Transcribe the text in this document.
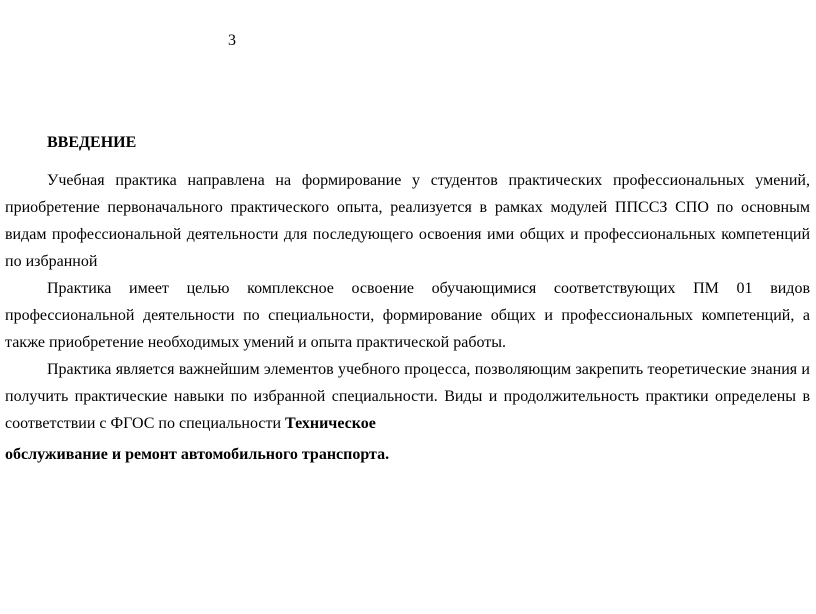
3
ВВЕДЕНИЕ

Учебная практика направлена на формирование у студентов практических профессиональных умений, приобретение первоначального практического опыта, реализуется в рамках модулей ППССЗ СПО по основным видам профессиональной деятельности для последующего освоения ими общих и профессиональных компетенций по избранной

Практика имеет целью комплексное освоение обучающимися соответствующих ПМ 01 видов профессиональной деятельности по специальности, формирование общих и профессиональных компетенций, а также приобретение необходимых умений и опыта практической работы.

Практика является важнейшим элементов учебного процесса, позволяющим закрепить теоретические знания и получить практические навыки по избранной специальности. Виды и продолжительность практики определены в соответствии с ФГОС по специальности Техническое

обслуживание и ремонт автомобильного транспорта.
